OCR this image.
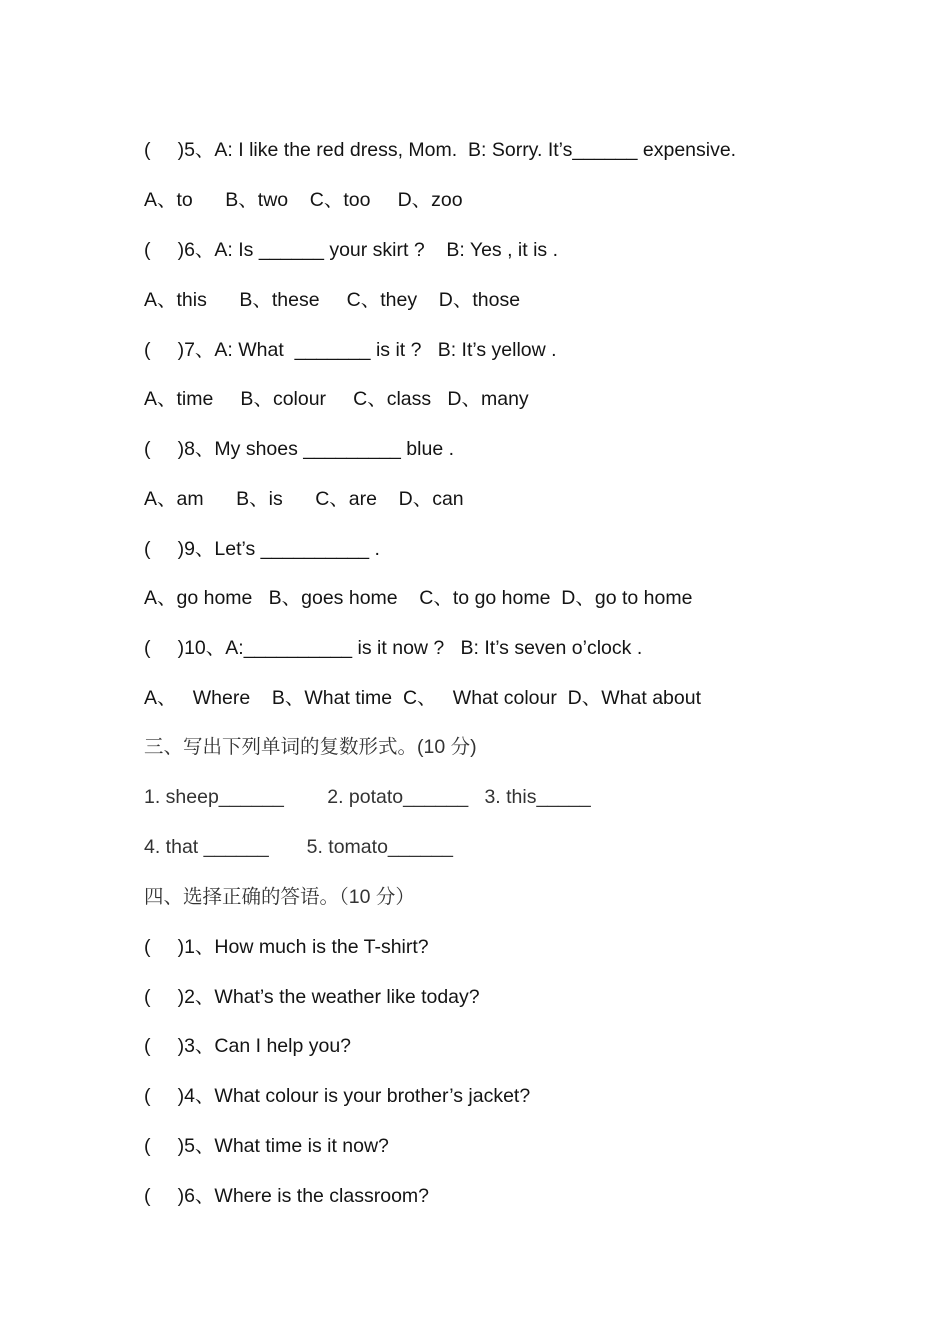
(     )5、A: I like the red dress, Mom.  B: Sorry. It’s______ expensive.
A、to      B、two    C、too     D、zoo
(     )6、A: Is ______ your skirt ?    B: Yes , it is .
A、this      B、these     C、they    D、those
(     )7、A: What  _______ is it ?   B: It’s yellow .
A、time     B、colour     C、class   D、many
(     )8、My shoes _________ blue .
A、am      B、is      C、are    D、can
(     )9、Let’s __________ .
A、go home   B、goes home    C、to go home  D、go to home
(     )10、A:__________ is it now ?   B: It’s seven o’clock .
A、   Where    B、What time  C、   What colour  D、What about
三、写出下列单词的复数形式。(10 分)
1. sheep______        2. potato______   3. this_____
4. that ______       5. tomato______
四、选择正确的答语。（10 分）
(     )1、How much is the T-shirt?
(     )2、What’s the weather like today?
(     )3、Can I help you?
(     )4、What colour is your brother’s jacket?
(     )5、What time is it now?
(     )6、Where is the classroom?
